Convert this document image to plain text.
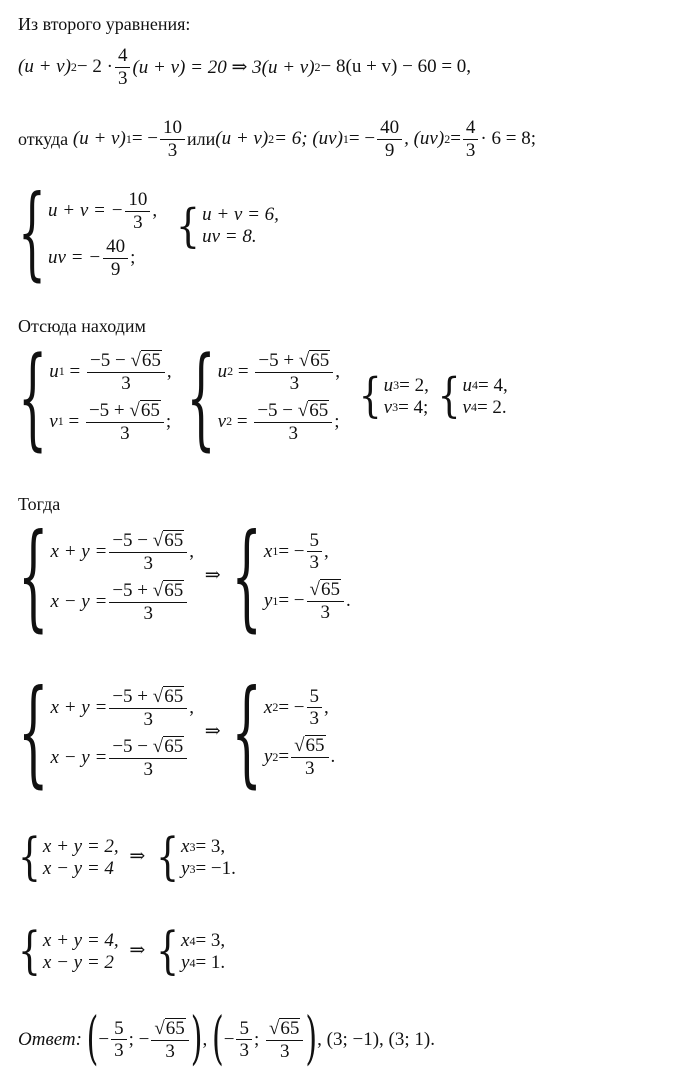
Из второго уравнения:
(u + v) $2 - 2 \cdot \frac{4}{3} (u + v) = 20$ ⇒ 3(u + v) 2 − 8(u + v) − 60 = 0,
откуда
(u + v) 1 = − $\frac{10}{3}$ или (u + v) 2 = 6; (uv) 1 = − $\frac{40}{9}$ , (uv) $2 = \frac{4}{3} \cdot 6 = 8$;
{ u + v = − $\frac{10}{3}$ ,
uv = − $\frac{40}{9}$ ;

{ u + v = 6,
uv = 8.
Отсюда находим
{ u $1 = \frac{-5 - √ 65}{3}$ ,
v $1 = \frac{-5 + √ 65}{3}$ ;
{ u $2 = \frac{-5 + √ 65}{3}$ ,
v $2 = \frac{-5 - √ 65}{3}$ ;
{ u 3 = 2,
v 3 = 4;
{ u 4 = 4,
v 4 = 2.
Тогда
{ $x + y = \frac{-5 - √ 65}{3}$ ,
$x - y = \frac{-5 + √ 65}{3}$
⇒ { x 1 = − $\frac{5}{3}$ ,
y 1 = − $\frac{√ 65}{3}$ .
{ $x + y = \frac{-5 + √ 65}{3}$ ,
$x - y = \frac{-5 - √ 65}{3}$
⇒ { x 2 = − $\frac{5}{3}$ ,
y $2 = \frac{√ 65}{3}$ .
{ x + y = 2,
x − y = 4
⇒ { x 3 = 3,
y 3 = −1.
{ x + y = 4,
x − y = 2
⇒ { x 4 = 3,
y 4 = 1.
Ответ:
( − $\frac{5}{3}$ ; − $\frac{√ 65}{3}$ ) , ( − $\frac{5}{3}$ ; $\frac{√ 65}{3}$ ) , (3; −1), (3; 1).
